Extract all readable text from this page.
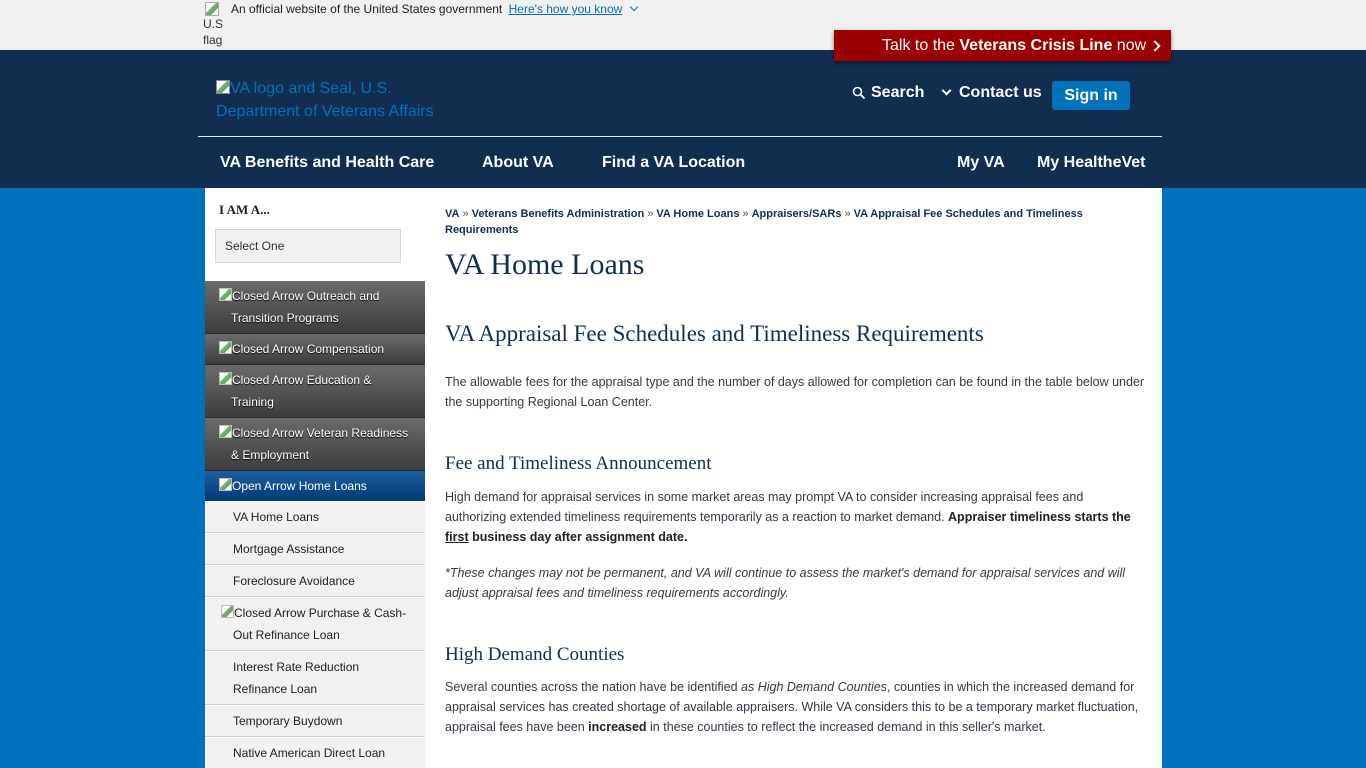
U.S flag
An official website of the United States government Here's how you know
Talk to the Veterans Crisis Line now
VA logo and Seal, U.S. Department of Veterans Affairs
Search Contact us	Sign in
VA Benefits and Health Care	About VA	Find a VA Location	My VA My HealtheVet
I AM A...
Select One
Closed Arrow Outreach and
Transition Programs
Closed Arrow Compensation
Closed Arrow Education &
Training
Closed Arrow Veteran Readiness
& Employment
Open Arrow Home Loans
VA Home Loans
Mortgage Assistance
Foreclosure Avoidance
Closed Arrow Purchase & Cash-
Out Refinance Loan
Interest Rate Reduction
Refinance Loan
Temporary Buydown
Native American Direct Loan
VA » Veterans Benefits Administration » VA Home Loans » Appraisers/SARs » VA Appraisal Fee Schedules and Timeliness Requirements
VA Home Loans
VA Appraisal Fee Schedules and Timeliness Requirements

The allowable fees for the appraisal type and the number of days allowed for completion can be found in the table below under the supporting Regional Loan Center.

Fee and Timeliness Announcement

High demand for appraisal services in some market areas may prompt VA to consider increasing appraisal fees and authorizing extended timeliness requirements temporarily as a reaction to market demand. Appraiser timeliness starts the first business day after assignment date.

*These changes may not be permanent, and VA will continue to assess the market's demand for appraisal services and will adjust appraisal fees and timeliness requirements accordingly.

High Demand Counties

Several counties across the nation have be identified as High Demand Counties, counties in which the increased demand for appraisal services has created shortage of available appraisers. While VA considers this to be a temporary market fluctuation, appraisal fees have been increased in these counties to reflect the increased demand in this seller's market.
